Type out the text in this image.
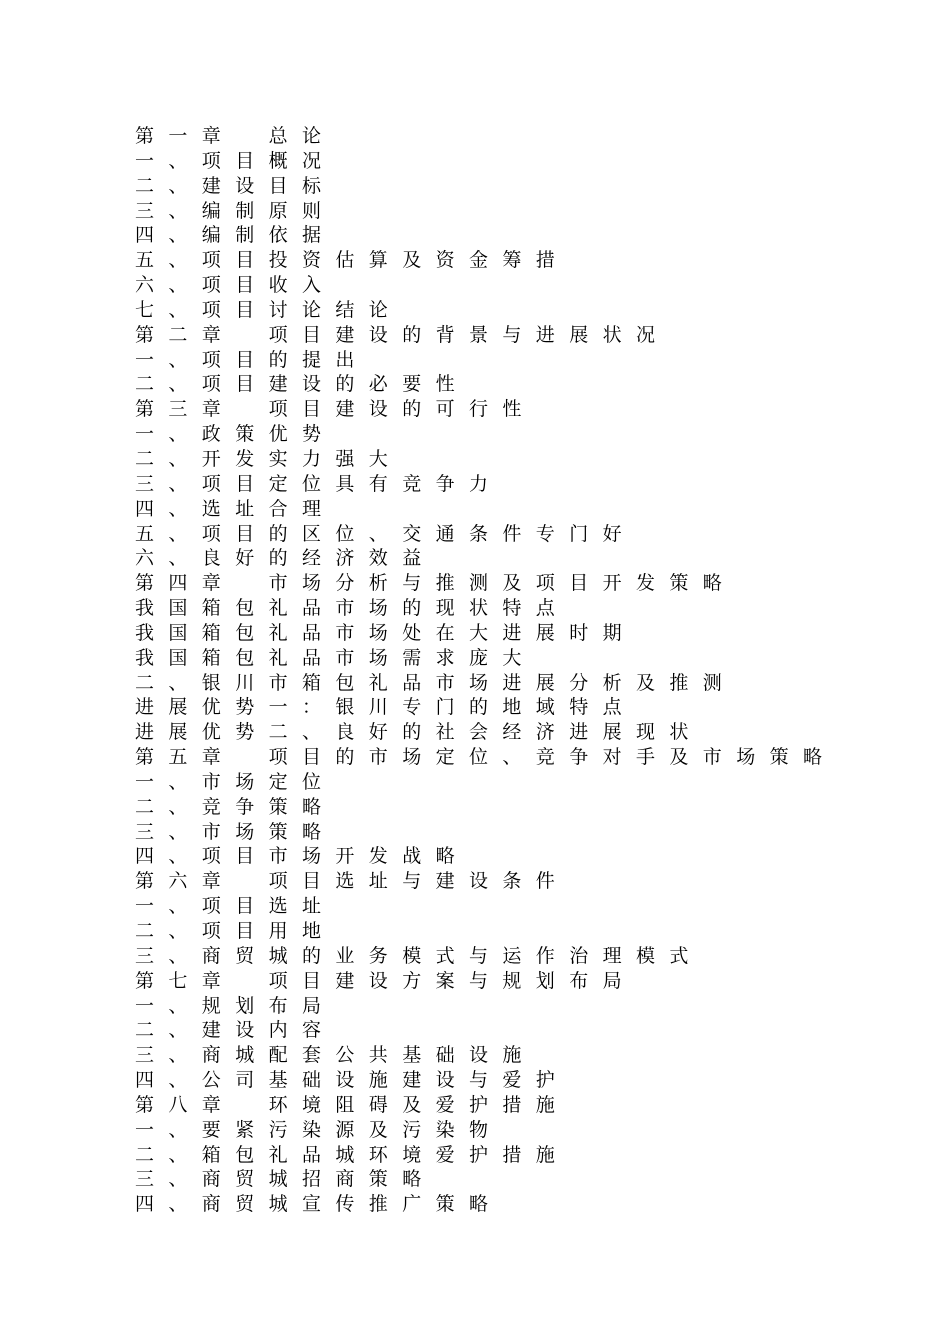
第一章　总论
一、项目概况
二、建设目标
三、编制原则
四、编制依据
五、项目投资估算及资金筹措
六、项目收入
七、项目讨论结论
第二章　项目建设的背景与进展状况
一、项目的提出
二、项目建设的必要性
第三章　项目建设的可行性
一、政策优势
二、开发实力强大
三、项目定位具有竞争力
四、选址合理
五、项目的区位、交通条件专门好
六、良好的经济效益
第四章　市场分析与推测及项目开发策略
我国箱包礼品市场的现状特点
我国箱包礼品市场处在大进展时期
我国箱包礼品市场需求庞大
二、银川市箱包礼品市场进展分析及推测
进展优势一：银川专门的地域特点
进展优势二、良好的社会经济进展现状
第五章　项目的市场定位、竞争对手及市场策略
一、市场定位
二、竞争策略
三、市场策略
四、项目市场开发战略
第六章　项目选址与建设条件
一、项目选址
二、项目用地
三、商贸城的业务模式与运作治理模式
第七章　项目建设方案与规划布局
一、规划布局
二、建设内容
三、商城配套公共基础设施
四、公司基础设施建设与爱护
第八章　环境阻碍及爱护措施
一、要紧污染源及污染物
二、箱包礼品城环境爱护措施
三、商贸城招商策略
四、商贸城宣传推广策略
